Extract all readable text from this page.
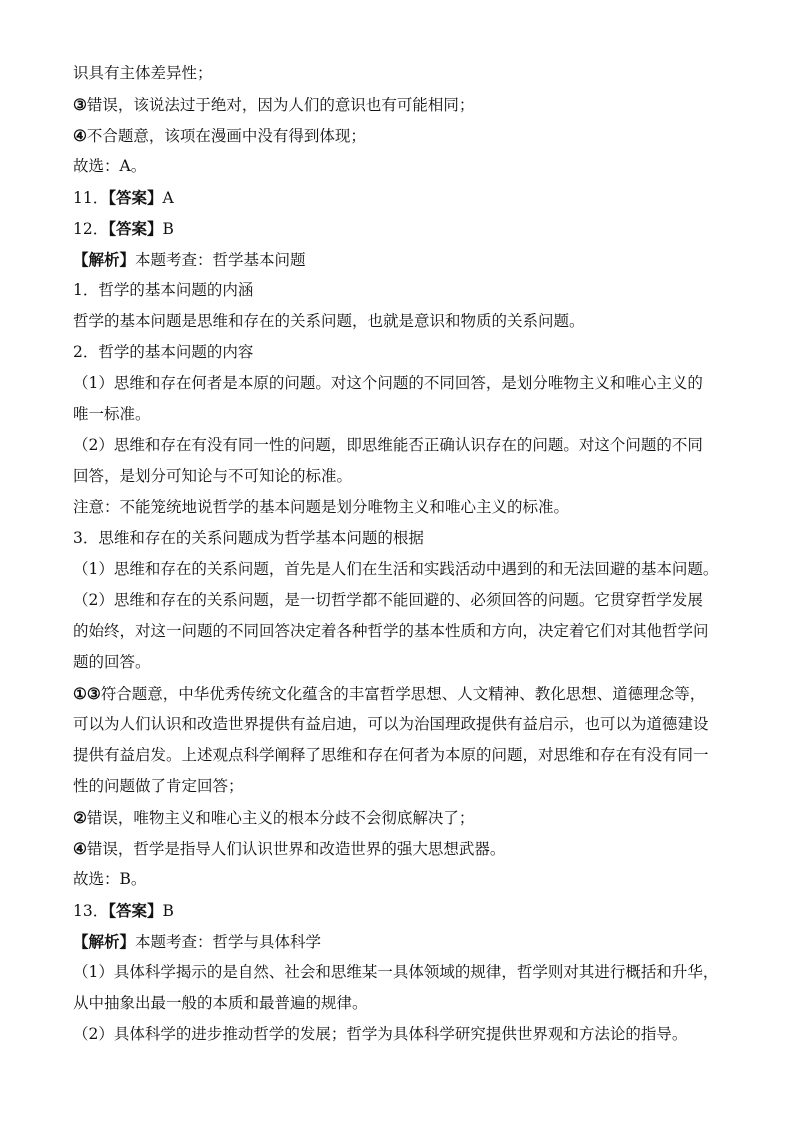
识具有主体差异性；
③错误，该说法过于绝对，因为人们的意识也有可能相同；
④不合题意，该项在漫画中没有得到体现；
故选：A。
11．【答案】A
12．【答案】B
【解析】本题考查：哲学基本问题
1．哲学的基本问题的内涵
哲学的基本问题是思维和存在的关系问题，也就是意识和物质的关系问题。
2．哲学的基本问题的内容
（1）思维和存在何者是本原的问题。对这个问题的不同回答，是划分唯物主义和唯心主义的
唯一标准。
（2）思维和存在有没有同一性的问题，即思维能否正确认识存在的问题。对这个问题的不同
回答，是划分可知论与不可知论的标准。
注意：不能笼统地说哲学的基本问题是划分唯物主义和唯心主义的标准。
3．思维和存在的关系问题成为哲学基本问题的根据
（1）思维和存在的关系问题，首先是人们在生活和实践活动中遇到的和无法回避的基本问题。
（2）思维和存在的关系问题，是一切哲学都不能回避的、必须回答的问题。它贯穿哲学发展
的始终，对这一问题的不同回答决定着各种哲学的基本性质和方向，决定着它们对其他哲学问
题的回答。
①③符合题意，中华优秀传统文化蕴含的丰富哲学思想、人文精神、教化思想、道德理念等，
可以为人们认识和改造世界提供有益启迪，可以为治国理政提供有益启示，也可以为道德建设
提供有益启发。上述观点科学阐释了思维和存在何者为本原的问题，对思维和存在有没有同一
性的问题做了肯定回答；
②错误，唯物主义和唯心主义的根本分歧不会彻底解决了；
④错误，哲学是指导人们认识世界和改造世界的强大思想武器。
故选：B。
13．【答案】B
【解析】本题考查：哲学与具体科学
（1）具体科学揭示的是自然、社会和思维某一具体领域的规律，哲学则对其进行概括和升华，
从中抽象出最一般的本质和最普遍的规律。
（2）具体科学的进步推动哲学的发展；哲学为具体科学研究提供世界观和方法论的指导。
